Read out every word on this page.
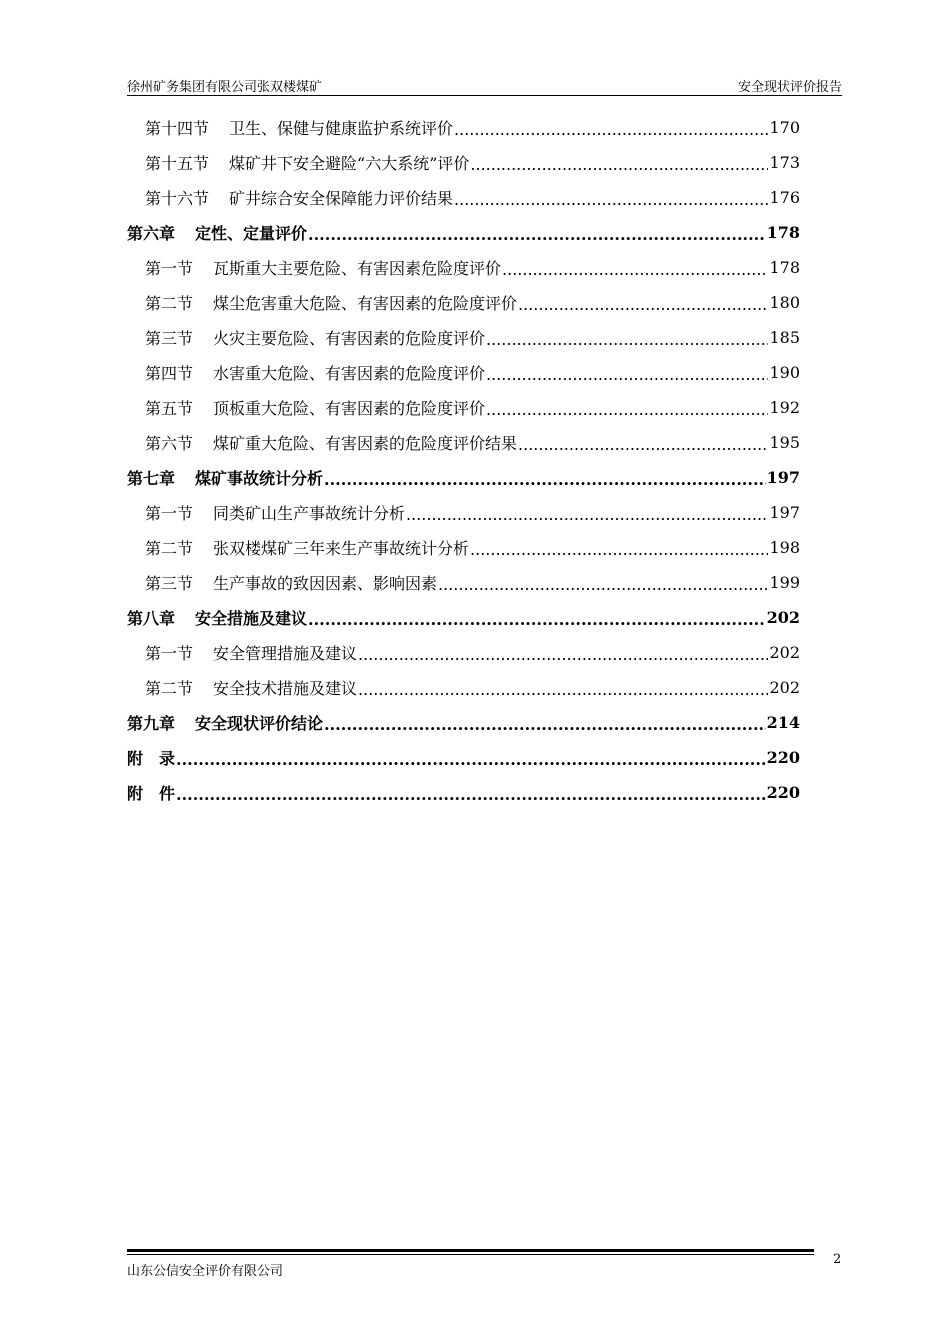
徐州矿务集团有限公司张双楼煤矿	安全现状评价报告
第十四节 卫生、保健与健康监护系统评价 .....	170
第十五节 煤矿井下安全避险“六大系统”评价 .....	173
第十六节 矿井综合安全保障能力评价结果 .....	176
第六章 定性、定量评价 .....	178
第一节 瓦斯重大主要危险、有害因素危险度评价 .....	178
第二节 煤尘危害重大危险、有害因素的危险度评价 .....	180
第三节 火灾主要危险、有害因素的危险度评价 .....	185
第四节 水害重大危险、有害因素的危险度评价 .....	190
第五节 顶板重大危险、有害因素的危险度评价 .....	192
第六节 煤矿重大危险、有害因素的危险度评价结果 .....	195
第七章 煤矿事故统计分析 .....	197
第一节 同类矿山生产事故统计分析 .....	197
第二节 张双楼煤矿三年来生产事故统计分析 .....	198
第三节 生产事故的致因因素、影响因素 .....	199
第八章 安全措施及建议 .....	202
第一节 安全管理措施及建议 .....	202
第二节 安全技术措施及建议 .....	202
第九章 安全现状评价结论 .....	214
附　录 .....	220
附　件 .....	220
山东公信安全评价有限公司
2
